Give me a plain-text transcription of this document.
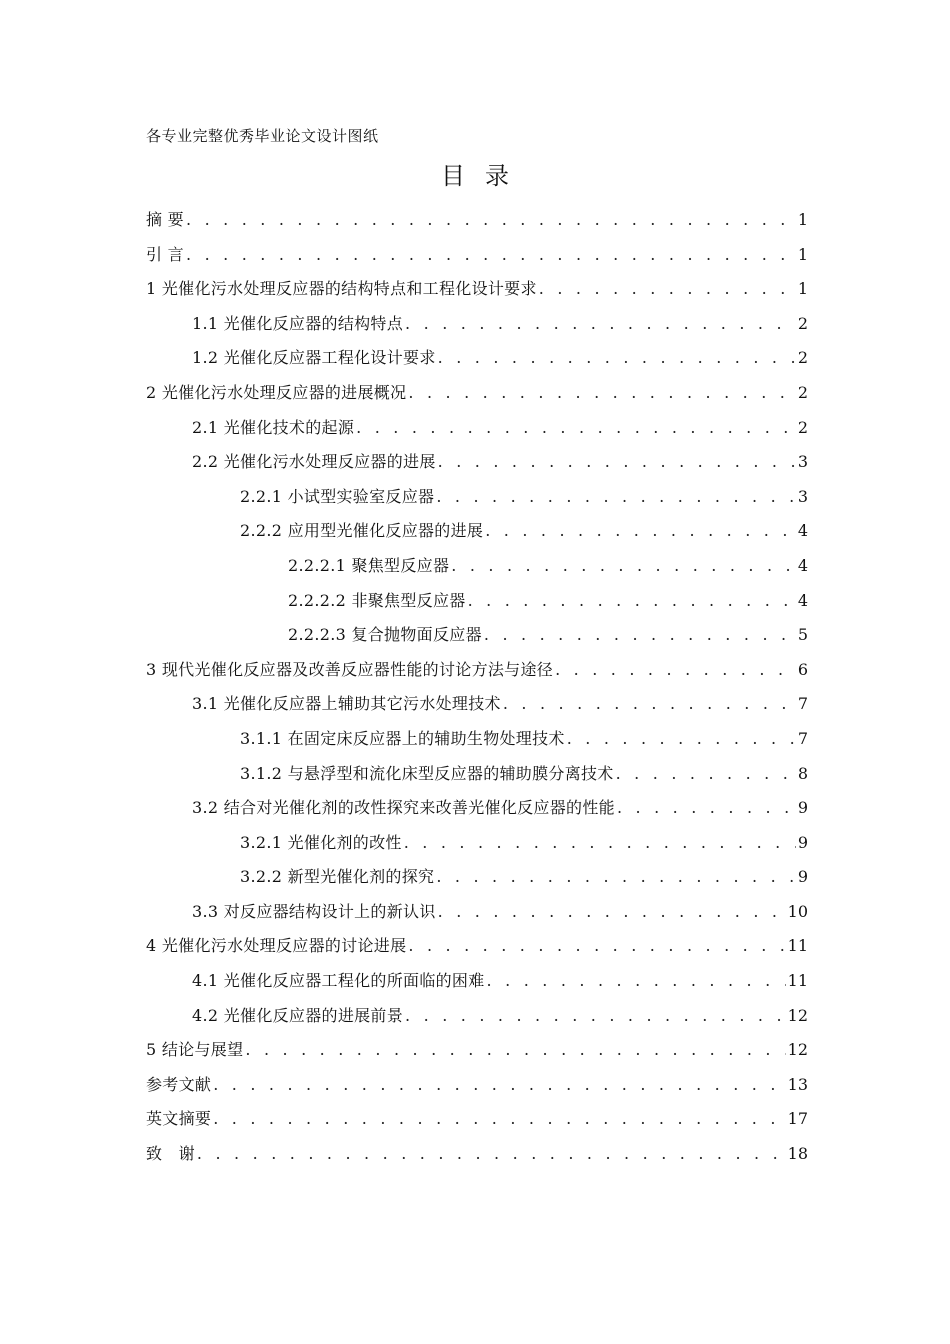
各专业完整优秀毕业论文设计图纸
目录
摘 要 . . .	1
引 言 . . .	1
1 光催化污水处理反应器的结构特点和工程化设计要求 . . .	1
1.1 光催化反应器的结构特点 . . .	2
1.2 光催化反应器工程化设计要求 . . .	2
2 光催化污水处理反应器的进展概况 . . .	2
2.1 光催化技术的起源 . . .	2
2.2 光催化污水处理反应器的进展 . . .	3
2.2.1 小试型实验室反应器 . . .	3
2.2.2 应用型光催化反应器的进展 . . .	4
2.2.2.1 聚焦型反应器 . . .	4
2.2.2.2 非聚焦型反应器 . . .	4
2.2.2.3 复合抛物面反应器 . . .	5
3 现代光催化反应器及改善反应器性能的讨论方法与途径 . . .	6
3.1 光催化反应器上辅助其它污水处理技术 . . .	7
3.1.1 在固定床反应器上的辅助生物处理技术 . . .	7
3.1.2 与悬浮型和流化床型反应器的辅助膜分离技术 . . .	8
3.2 结合对光催化剂的改性探究来改善光催化反应器的性能 . . .	9
3.2.1 光催化剂的改性 . . .	9
3.2.2 新型光催化剂的探究 . . .	9
3.3 对反应器结构设计上的新认识 . . .	10
4 光催化污水处理反应器的讨论进展 . . .	11
4.1 光催化反应器工程化的所面临的困难 . . .	11
4.2 光催化反应器的进展前景 . . .	12
5 结论与展望 . . .	12
参考文献 . . .	13
英文摘要 . . .	17
致　谢 . . .	18
